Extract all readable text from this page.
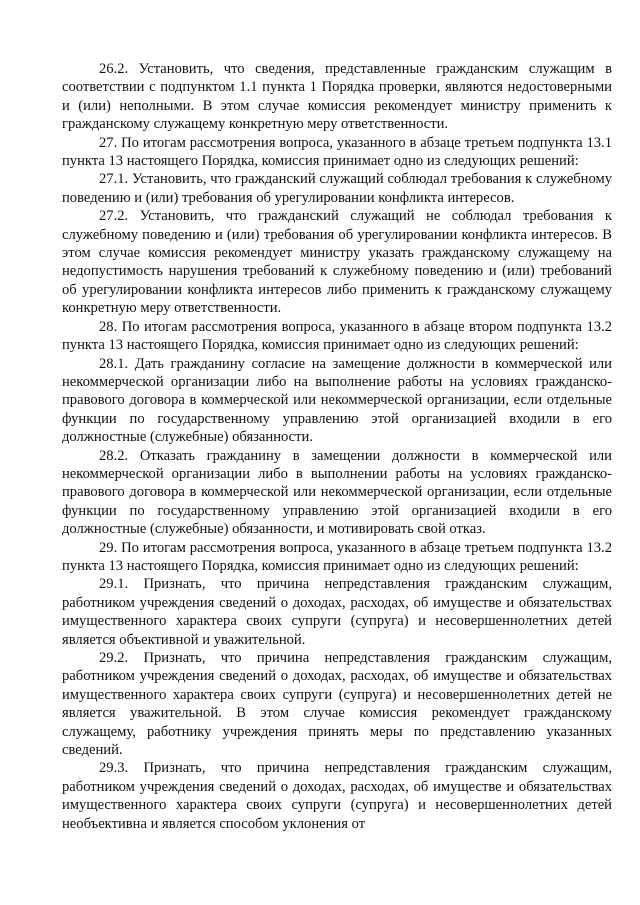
26.2. Установить, что сведения, представленные гражданским служащим в соответствии с подпунктом 1.1 пункта 1 Порядка проверки, являются недостоверными и (или) неполными. В этом случае комиссия рекомендует министру применить к гражданскому служащему конкретную меру ответственности.

27. По итогам рассмотрения вопроса, указанного в абзаце третьем подпункта 13.1 пункта 13 настоящего Порядка, комиссия принимает одно из следующих решений:

27.1. Установить, что гражданский служащий соблюдал требования к служебному поведению и (или) требования об урегулировании конфликта интересов.

27.2. Установить, что гражданский служащий не соблюдал требования к служебному поведению и (или) требования об урегулировании конфликта интересов. В этом случае комиссия рекомендует министру указать гражданскому служащему на недопустимость нарушения требований к служебному поведению и (или) требований об урегулировании конфликта интересов либо применить к гражданскому служащему конкретную меру ответственности.

28. По итогам рассмотрения вопроса, указанного в абзаце втором подпункта 13.2 пункта 13 настоящего Порядка, комиссия принимает одно из следующих решений:

28.1. Дать гражданину согласие на замещение должности в коммерческой или некоммерческой организации либо на выполнение работы на условиях гражданско-правового договора в коммерческой или некоммерческой организации, если отдельные функции по государственному управлению этой организацией входили в его должностные (служебные) обязанности.

28.2. Отказать гражданину в замещении должности в коммерческой или некоммерческой организации либо в выполнении работы на условиях гражданско-правового договора в коммерческой или некоммерческой организации, если отдельные функции по государственному управлению этой организацией входили в его должностные (служебные) обязанности, и мотивировать свой отказ.

29. По итогам рассмотрения вопроса, указанного в абзаце третьем подпункта 13.2 пункта 13 настоящего Порядка, комиссия принимает одно из следующих решений:

29.1. Признать, что причина непредставления гражданским служащим, работником учреждения сведений о доходах, расходах, об имуществе и обязательствах имущественного характера своих супруги (супруга) и несовершеннолетних детей является объективной и уважительной.

29.2. Признать, что причина непредставления гражданским служащим, работником учреждения сведений о доходах, расходах, об имуществе и обязательствах имущественного характера своих супруги (супруга) и несовершеннолетних детей не является уважительной. В этом случае комиссия рекомендует гражданскому служащему, работнику учреждения принять меры по представлению указанных сведений.

29.3. Признать, что причина непредставления гражданским служащим, работником учреждения сведений о доходах, расходах, об имуществе и обязательствах имущественного характера своих супруги (супруга) и несовершеннолетних детей необъективна и является способом уклонения от
